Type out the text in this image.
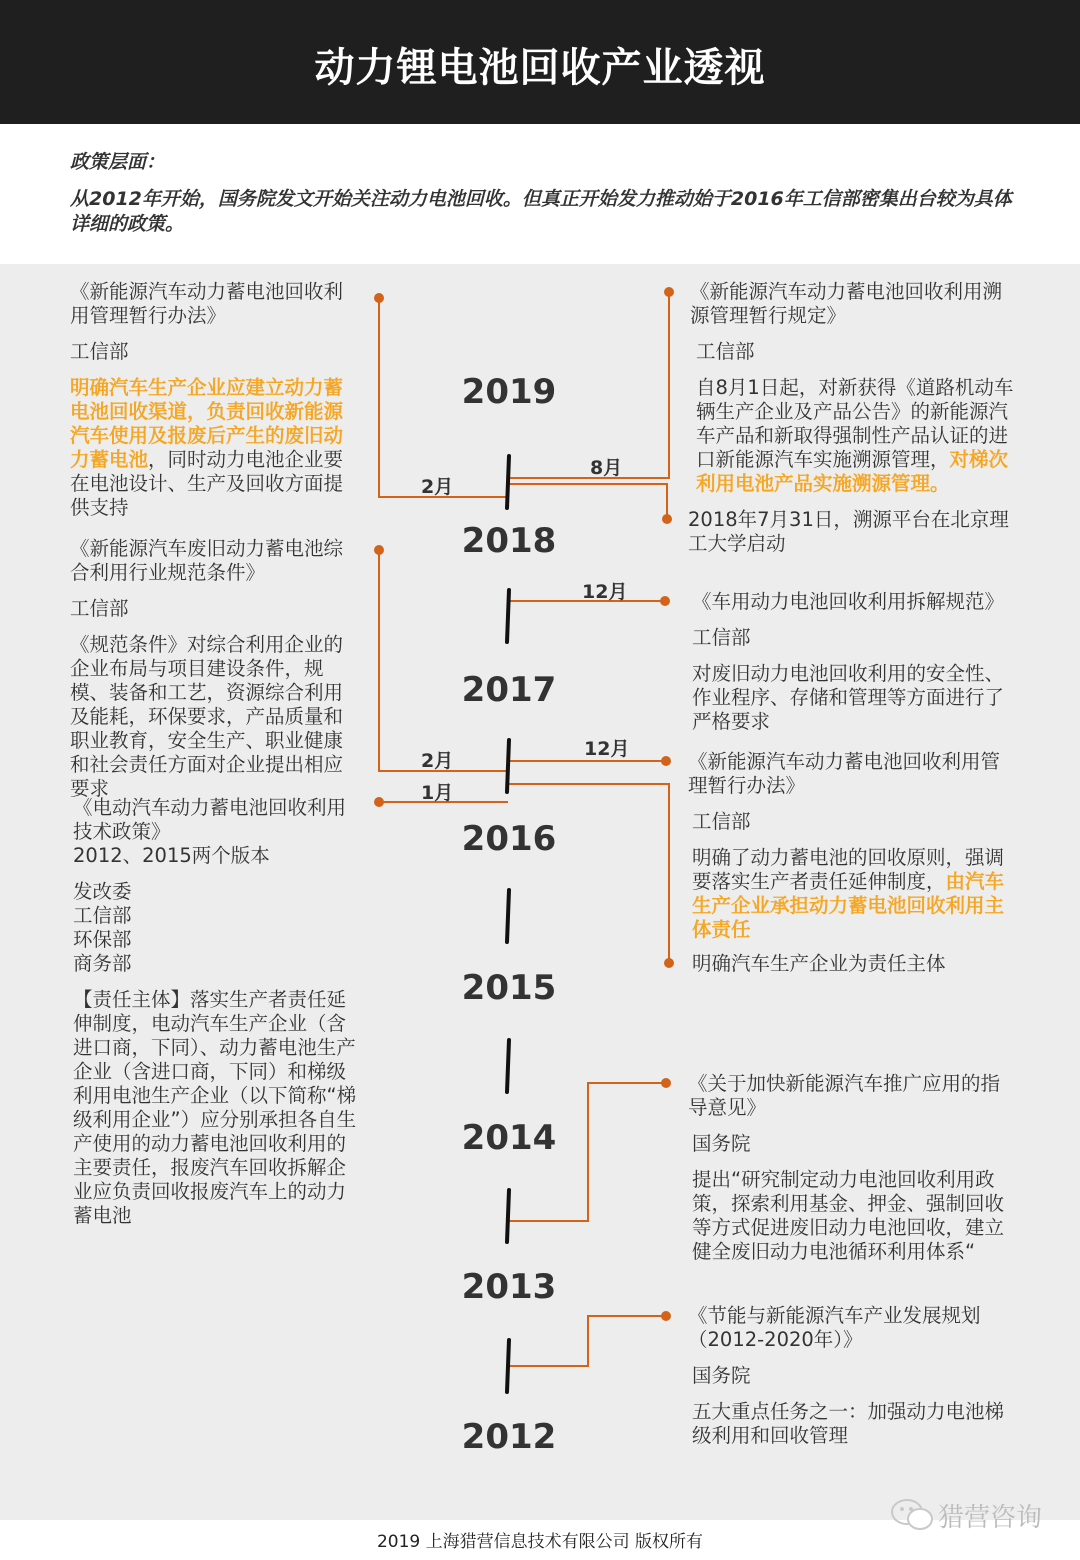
动力锂电池回收产业透视

政策层面：

从2012年开始，国务院发文开始关注动力电池回收。但真正开始发力推动始于2016年工信部密集出台较为具体详细的政策。

2019
2018
2017
2016
2015
2014
2013
2012
2月
8月
12月
12月
2月
1月

《新能源汽车动力蓄电池回收利用管理暂行办法》

工信部

明确汽车生产企业应建立动力蓄电池回收渠道，负责回收新能源汽车使用及报废后产生的废旧动力蓄电池，同时动力电池企业要在电池设计、生产及回收方面提供支持

《新能源汽车废旧动力蓄电池综合利用行业规范条件》

工信部

《规范条件》对综合利用企业的企业布局与项目建设条件，规模、装备和工艺，资源综合利用及能耗，环保要求，产品质量和职业教育，安全生产、职业健康和社会责任方面对企业提出相应要求

《电动汽车动力蓄电池回收利用技术政策》

2012、2015两个版本

发改委

工信部

环保部

商务部

【责任主体】落实生产者责任延伸制度，电动汽车生产企业（含进口商，下同）、动力蓄电池生产企业（含进口商，下同）和梯级利用电池生产企业（以下简称“梯级利用企业”）应分别承担各自生产使用的动力蓄电池回收利用的主要责任，报废汽车回收拆解企业应负责回收报废汽车上的动力蓄电池

《新能源汽车动力蓄电池回收利用溯源管理暂行规定》

工信部

自8月1日起，对新获得《道路机动车辆生产企业及产品公告》的新能源汽车产品和新取得强制性产品认证的进口新能源汽车实施溯源管理，对梯次利用电池产品实施溯源管理。

2018年7月31日，溯源平台在北京理工大学启动

《车用动力电池回收利用拆解规范》

工信部

对废旧动力电池回收利用的安全性、作业程序、存储和管理等方面进行了严格要求

《新能源汽车动力蓄电池回收利用管理暂行办法》

工信部

明确了动力蓄电池的回收原则，强调要落实生产者责任延伸制度，由汽车生产企业承担动力蓄电池回收利用主体责任

明确汽车生产企业为责任主体

《关于加快新能源汽车推广应用的指导意见》

国务院

提出“研究制定动力电池回收利用政策，探索利用基金、押金、强制回收等方式促进废旧动力电池回收，建立健全废旧动力电池循环利用体系“

《节能与新能源汽车产业发展规划（2012-2020年）》

国务院

五大重点任务之一：加强动力电池梯级利用和回收管理

猎营咨询
2019 上海猎营信息技术有限公司 版权所有
